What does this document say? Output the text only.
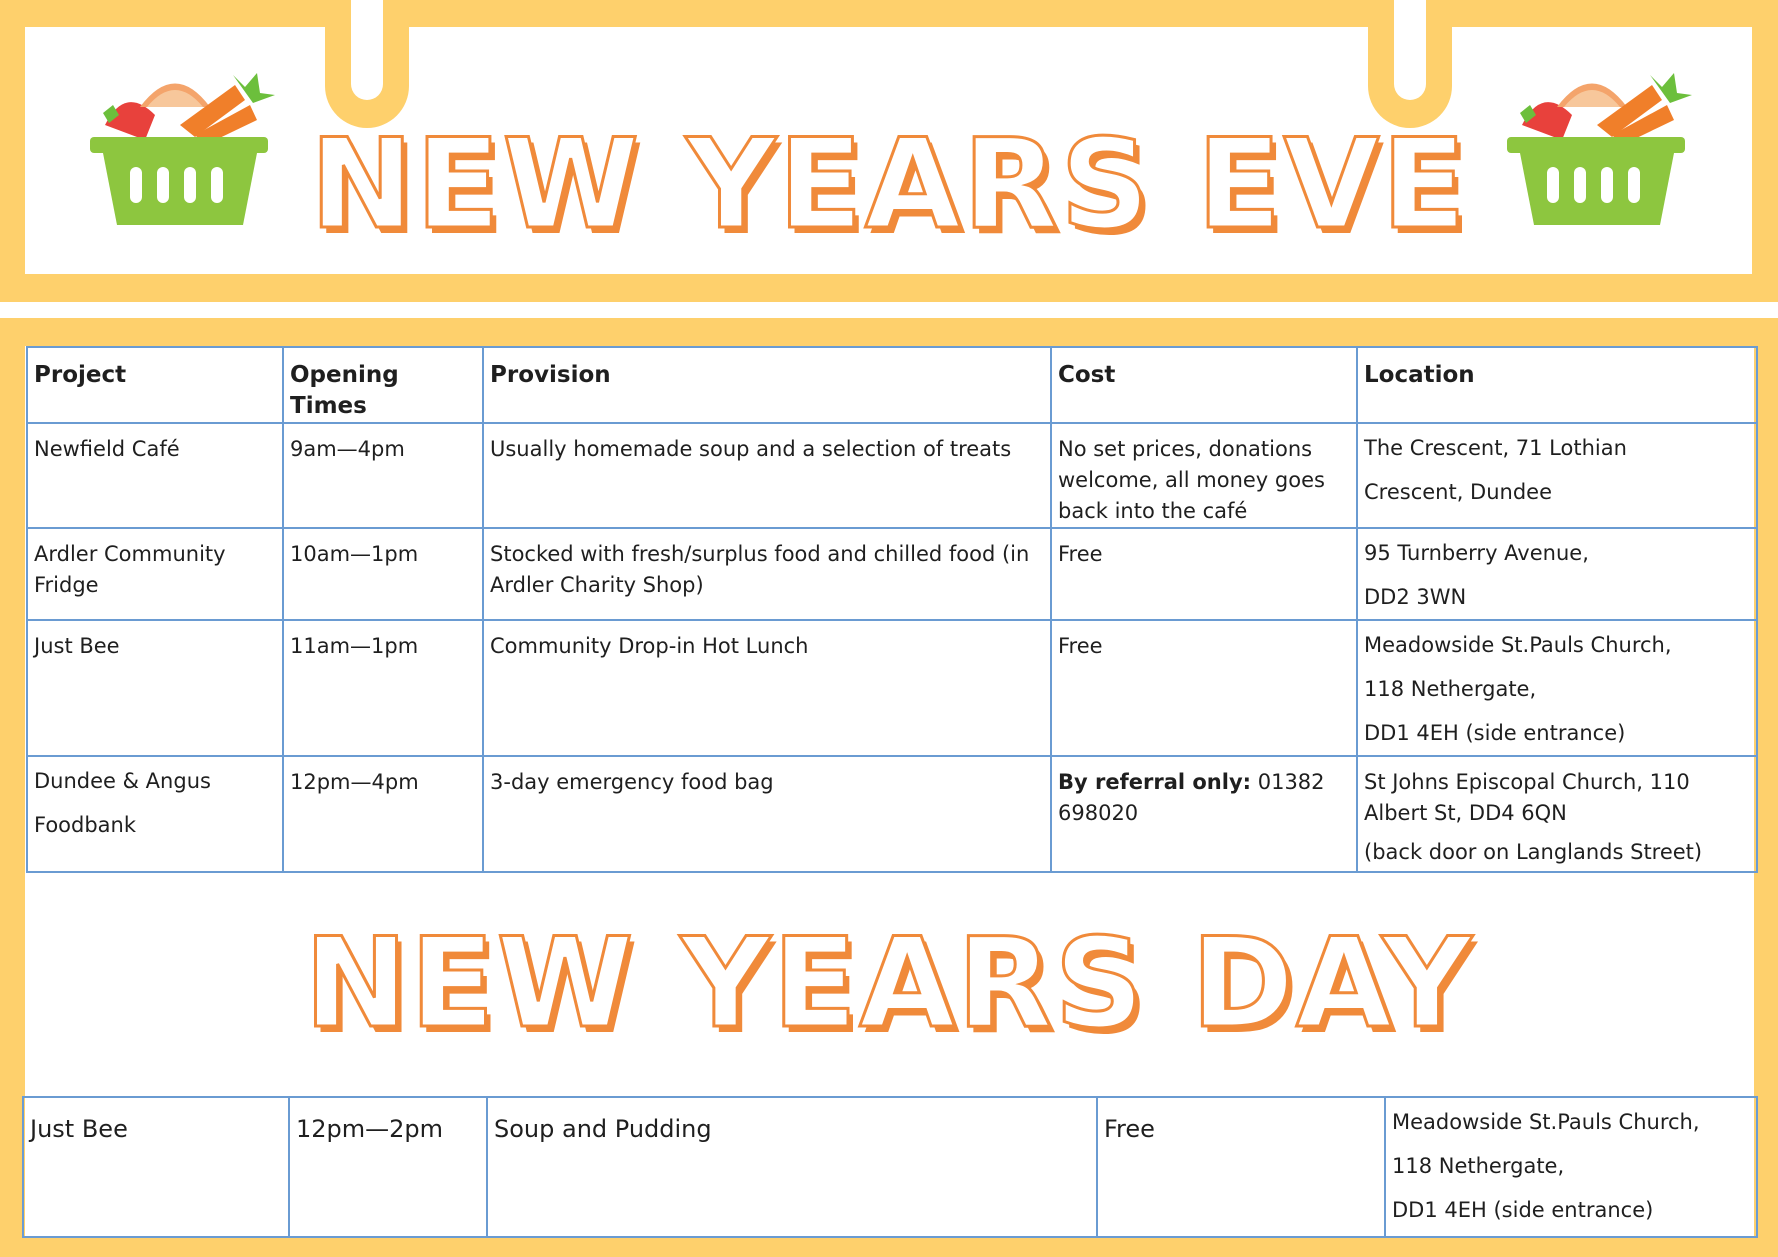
NEW YEARS EVE
Project	Opening Times	Provision	Cost	Location
Newfield Café	9am—4pm	Usually homemade soup and a selection of treats	No set prices, donations welcome, all money goes back into the café	The Crescent, 71 Lothian
Crescent, Dundee

Ardler Community Fridge	10am—1pm	Stocked with fresh/surplus food and chilled food (in Ardler Charity Shop)	Free	95 Turnberry Avenue,
DD2 3WN

Just Bee	11am—1pm	Community Drop-in Hot Lunch	Free	Meadowside St.Pauls Church,
118 Nethergate,
DD1 4EH (side entrance)

Dundee & Angus
Foodbank	12pm—4pm	3-day emergency food bag	By referral only: 01382 698020	St Johns Episcopal Church, 110 Albert St, DD4 6QN
(back door on Langlands Street)
NEW YEARS DAY
Just Bee	12pm—2pm	Soup and Pudding	Free	Meadowside St.Pauls Church,
118 Nethergate,
DD1 4EH (side entrance)
